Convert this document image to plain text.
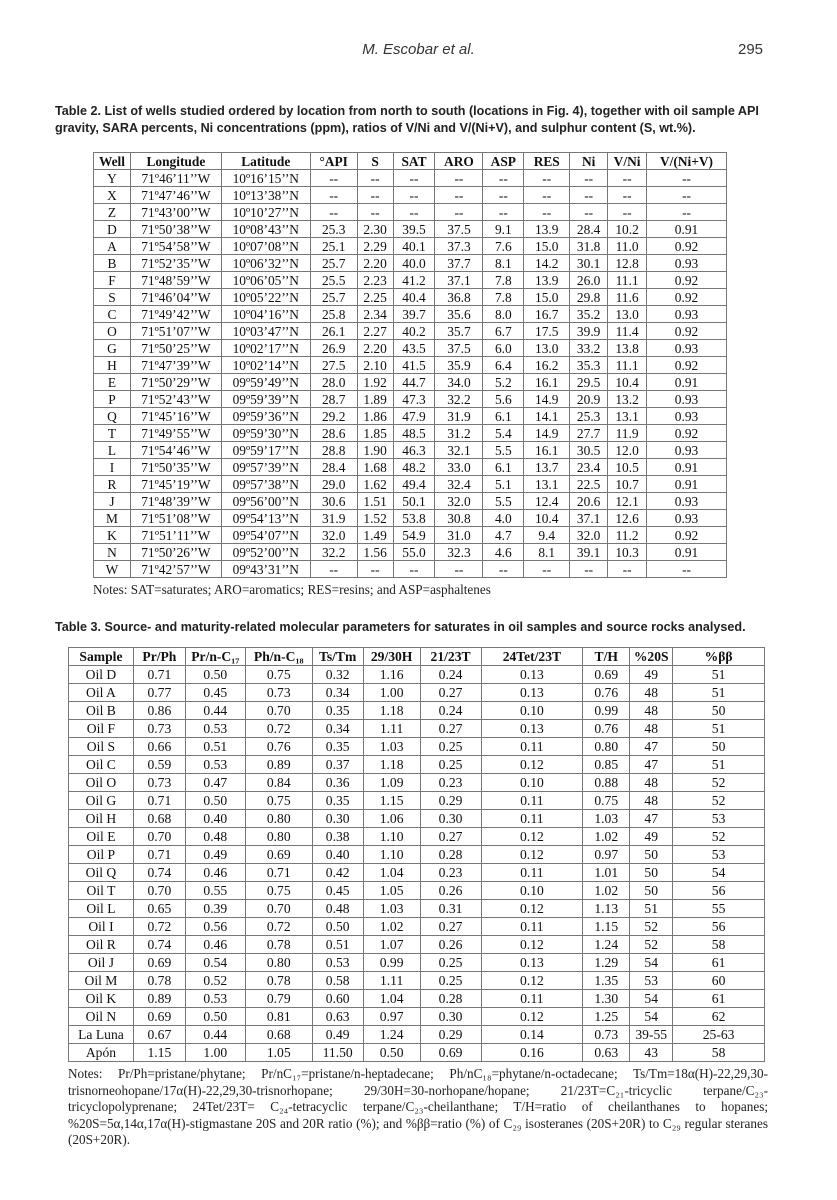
M. Escobar et al.	295
Table 2. List of wells studied ordered by location from north to south (locations in Fig. 4), together with oil sample API gravity, SARA percents, Ni concentrations (ppm), ratios of V/Ni and V/(Ni+V), and sulphur content (S, wt.%).
Well	Longitude	Latitude	°API	S	SAT	ARO	ASP	RES	Ni	V/Ni	V/(Ni+V)
Y	71º46’11’’W	10º16’15’’N	--	--	--	--	--	--	--	--	--
X	71º47’46’’W	10º13’38’’N	--	--	--	--	--	--	--	--	--
Z	71º43’00’’W	10º10’27’’N	--	--	--	--	--	--	--	--	--
D	71º50’38’’W	10º08’43’’N	25.3	2.30	39.5	37.5	9.1	13.9	28.4	10.2	0.91
A	71º54’58’’W	10º07’08’’N	25.1	2.29	40.1	37.3	7.6	15.0	31.8	11.0	0.92
B	71º52’35’’W	10º06’32’’N	25.7	2.20	40.0	37.7	8.1	14.2	30.1	12.8	0.93
F	71º48’59’’W	10º06’05’’N	25.5	2.23	41.2	37.1	7.8	13.9	26.0	11.1	0.92
S	71º46’04’’W	10º05’22’’N	25.7	2.25	40.4	36.8	7.8	15.0	29.8	11.6	0.92
C	71º49’42’’W	10º04’16’’N	25.8	2.34	39.7	35.6	8.0	16.7	35.2	13.0	0.93
O	71º51’07’’W	10º03’47’’N	26.1	2.27	40.2	35.7	6.7	17.5	39.9	11.4	0.92
G	71º50’25’’W	10º02’17’’N	26.9	2.20	43.5	37.5	6.0	13.0	33.2	13.8	0.93
H	71º47’39’’W	10º02’14’’N	27.5	2.10	41.5	35.9	6.4	16.2	35.3	11.1	0.92
E	71º50’29’’W	09º59’49’’N	28.0	1.92	44.7	34.0	5.2	16.1	29.5	10.4	0.91
P	71º52’43’’W	09º59’39’’N	28.7	1.89	47.3	32.2	5.6	14.9	20.9	13.2	0.93
Q	71º45’16’’W	09º59’36’’N	29.2	1.86	47.9	31.9	6.1	14.1	25.3	13.1	0.93
T	71º49’55’’W	09º59’30’’N	28.6	1.85	48.5	31.2	5.4	14.9	27.7	11.9	0.92
L	71º54’46’’W	09º59’17’’N	28.8	1.90	46.3	32.1	5.5	16.1	30.5	12.0	0.93
I	71º50’35’’W	09º57’39’’N	28.4	1.68	48.2	33.0	6.1	13.7	23.4	10.5	0.91
R	71º45’19’’W	09º57’38’’N	29.0	1.62	49.4	32.4	5.1	13.1	22.5	10.7	0.91
J	71º48’39’’W	09º56’00’’N	30.6	1.51	50.1	32.0	5.5	12.4	20.6	12.1	0.93
M	71º51’08’’W	09º54’13’’N	31.9	1.52	53.8	30.8	4.0	10.4	37.1	12.6	0.93
K	71º51’11’’W	09º54’07’’N	32.0	1.49	54.9	31.0	4.7	9.4	32.0	11.2	0.92
N	71º50’26’’W	09º52’00’’N	32.2	1.56	55.0	32.3	4.6	8.1	39.1	10.3	0.91
W	71º42’57’’W	09º43’31’’N	--	--	--	--	--	--	--	--	--
Notes: SAT=saturates; ARO=aromatics; RES=resins; and ASP=asphaltenes
Table 3. Source- and maturity-related molecular parameters for saturates in oil samples and source rocks analysed.
Sample	Pr/Ph	Pr/n-C₁₇	Ph/n-C₁₈	Ts/Tm	29/30H	21/23T	24Tet/23T	T/H	%20S	%ββ
Oil D	0.71	0.50	0.75	0.32	1.16	0.24	0.13	0.69	49	51
Oil A	0.77	0.45	0.73	0.34	1.00	0.27	0.13	0.76	48	51
Oil B	0.86	0.44	0.70	0.35	1.18	0.24	0.10	0.99	48	50
Oil F	0.73	0.53	0.72	0.34	1.11	0.27	0.13	0.76	48	51
Oil S	0.66	0.51	0.76	0.35	1.03	0.25	0.11	0.80	47	50
Oil C	0.59	0.53	0.89	0.37	1.18	0.25	0.12	0.85	47	51
Oil O	0.73	0.47	0.84	0.36	1.09	0.23	0.10	0.88	48	52
Oil G	0.71	0.50	0.75	0.35	1.15	0.29	0.11	0.75	48	52
Oil H	0.68	0.40	0.80	0.30	1.06	0.30	0.11	1.03	47	53
Oil E	0.70	0.48	0.80	0.38	1.10	0.27	0.12	1.02	49	52
Oil P	0.71	0.49	0.69	0.40	1.10	0.28	0.12	0.97	50	53
Oil Q	0.74	0.46	0.71	0.42	1.04	0.23	0.11	1.01	50	54
Oil T	0.70	0.55	0.75	0.45	1.05	0.26	0.10	1.02	50	56
Oil L	0.65	0.39	0.70	0.48	1.03	0.31	0.12	1.13	51	55
Oil I	0.72	0.56	0.72	0.50	1.02	0.27	0.11	1.15	52	56
Oil R	0.74	0.46	0.78	0.51	1.07	0.26	0.12	1.24	52	58
Oil J	0.69	0.54	0.80	0.53	0.99	0.25	0.13	1.29	54	61
Oil M	0.78	0.52	0.78	0.58	1.11	0.25	0.12	1.35	53	60
Oil K	0.89	0.53	0.79	0.60	1.04	0.28	0.11	1.30	54	61
Oil N	0.69	0.50	0.81	0.63	0.97	0.30	0.12	1.25	54	62
La Luna	0.67	0.44	0.68	0.49	1.24	0.29	0.14	0.73	39-55	25-63
Apón	1.15	1.00	1.05	11.50	0.50	0.69	0.16	0.63	43	58
Notes: Pr/Ph=pristane/phytane; Pr/nC₁₇=pristane/n-heptadecane; Ph/nC₁₈=phytane/n-octadecane; Ts/Tm=18α(H)-22,29,30-trisnorneohopane/17α(H)-22,29,30-trisnorhopane; 29/30H=30-norhopane/hopane; 21/23T=C₂₁-tricyclic terpane/C₂₃-tricyclopolyprenane; 24Tet/23T= C₂₄-tetracyclic terpane/C₂₃-cheilanthane; T/H=ratio of cheilanthanes to hopanes; %20S=5α,14α,17α(H)-stigmastane 20S and 20R ratio (%); and %ββ=ratio (%) of C₂₉ isosteranes (20S+20R) to C₂₉ regular steranes (20S+20R).
